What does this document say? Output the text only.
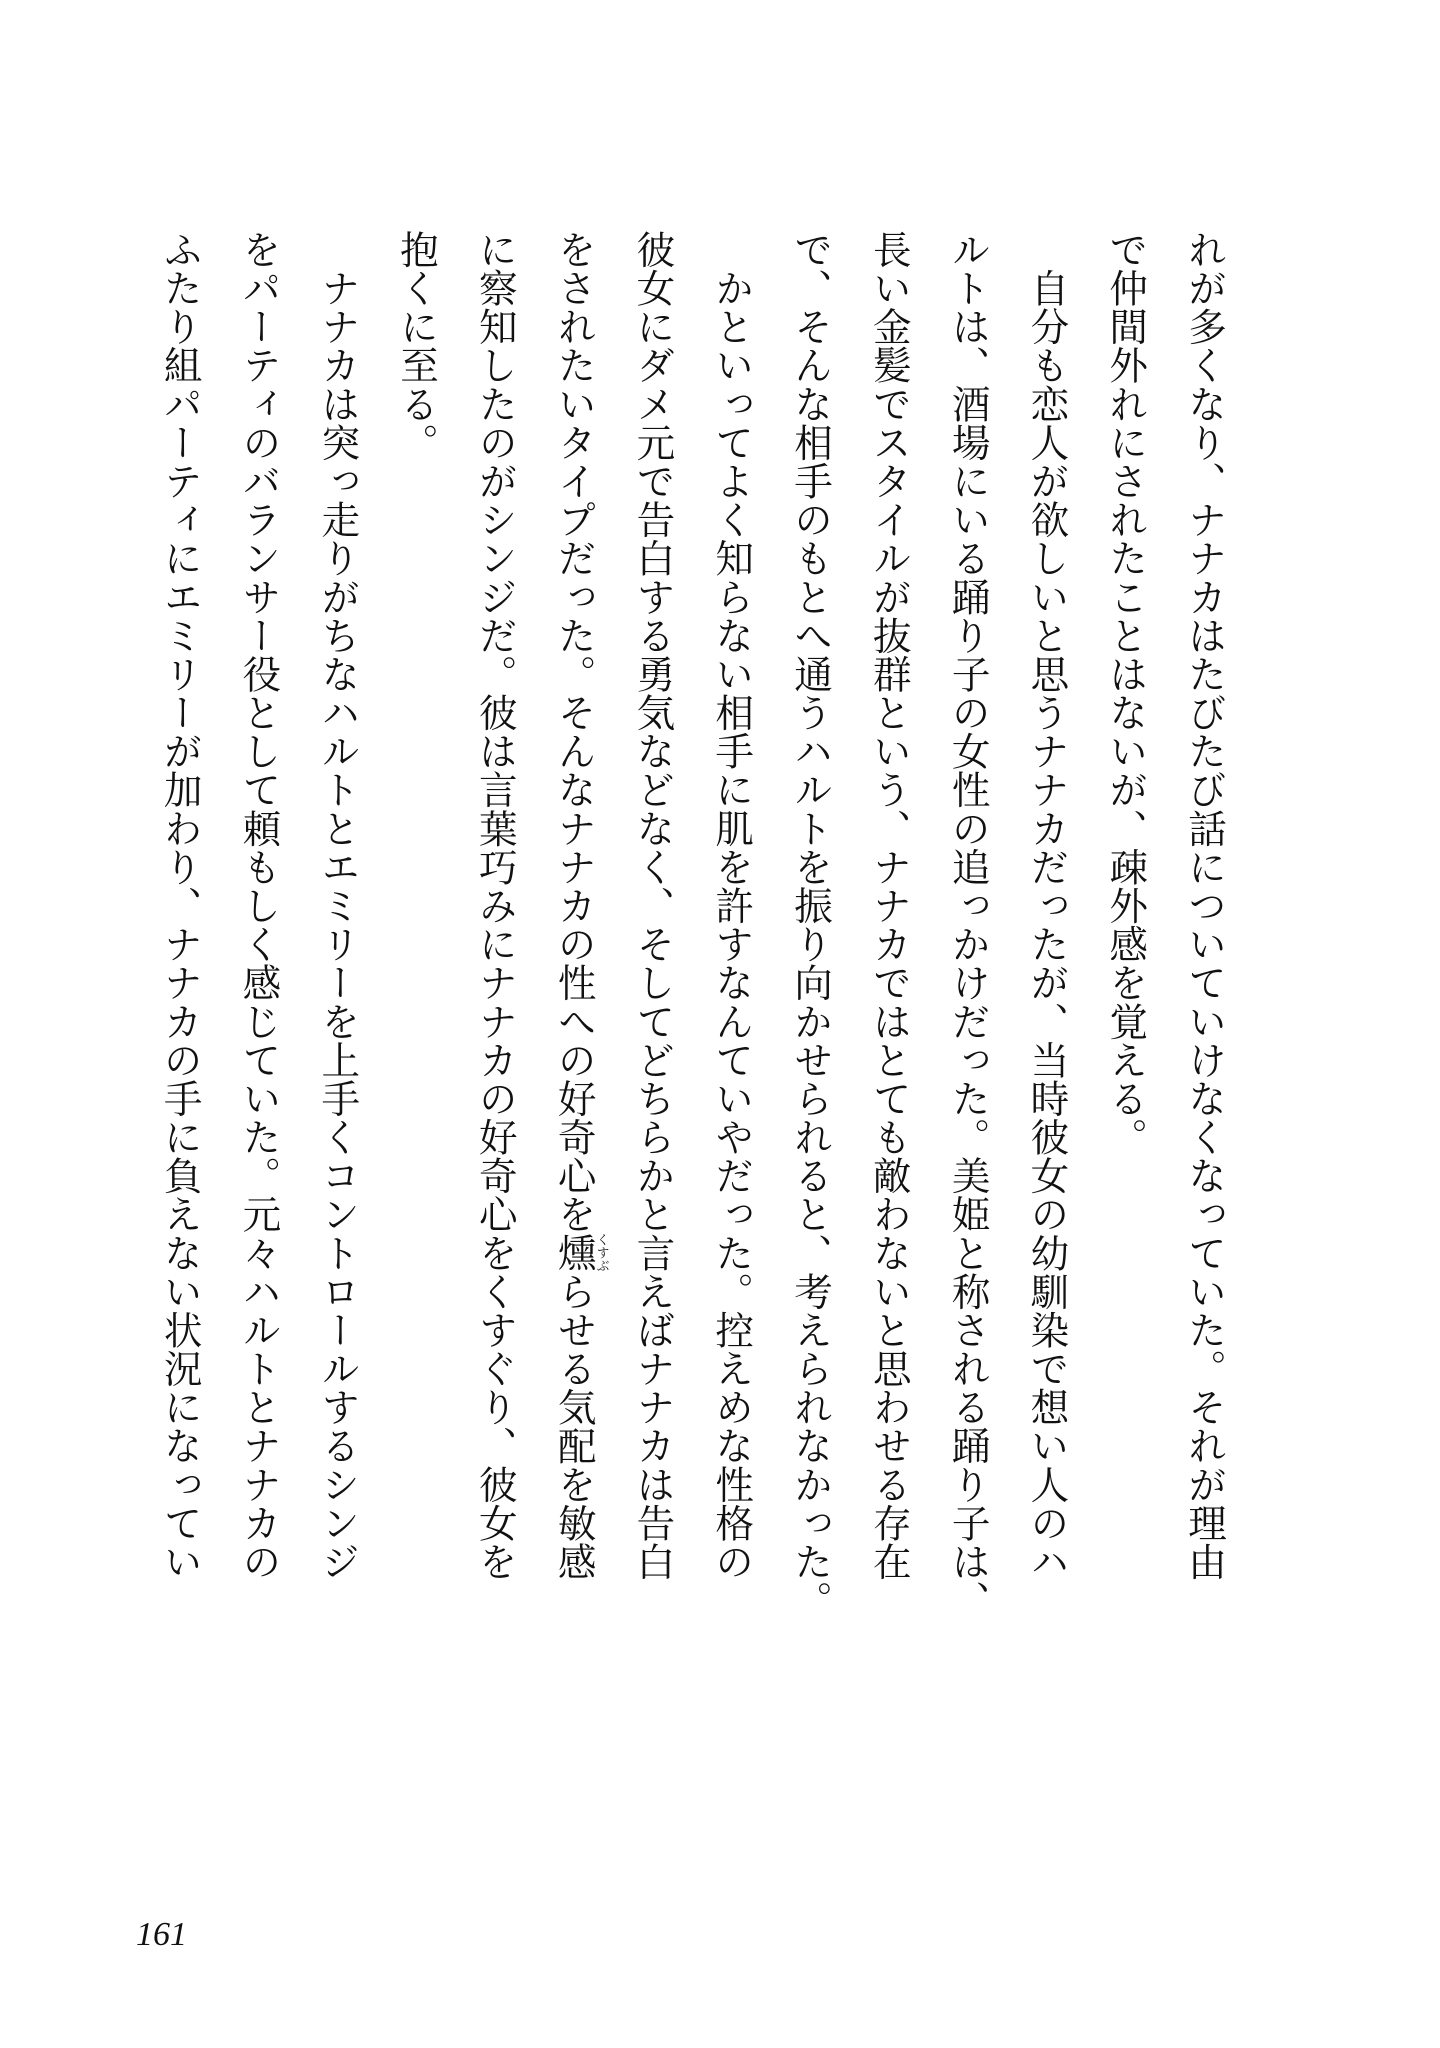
れが多くなり、ナナカはたびたび話についていけなくなっていた。それが理由
で仲間外れにされたことはないが、疎外感を覚える。
　自分も恋人が欲しいと思うナナカだったが、当時彼女の幼馴染で想い人のハ
ルトは、酒場にいる踊り子の女性の追っかけだった。美姫と称される踊り子は、
長い金髪でスタイルが抜群という、ナナカではとても敵わないと思わせる存在
で、そんな相手のもとへ通うハルトを振り向かせられると、考えられなかった。
　かといってよく知らない相手に肌を許すなんていやだった。控えめな性格の
彼女にダメ元で告白する勇気などなく、そしてどちらかと言えばナナカは告白
をされたいタイプだった。そんなナナカの性への好奇心を燻くすぶらせる気配を敏感
に察知したのがシンジだ。彼は言葉巧みにナナカの好奇心をくすぐり、彼女を
抱くに至る。
　ナナカは突っ走りがちなハルトとエミリーを上手くコントロールするシンジ
をパーティのバランサー役として頼もしく感じていた。元々ハルトとナナカの
ふたり組パーティにエミリーが加わり、ナナカの手に負えない状況になってい
161
